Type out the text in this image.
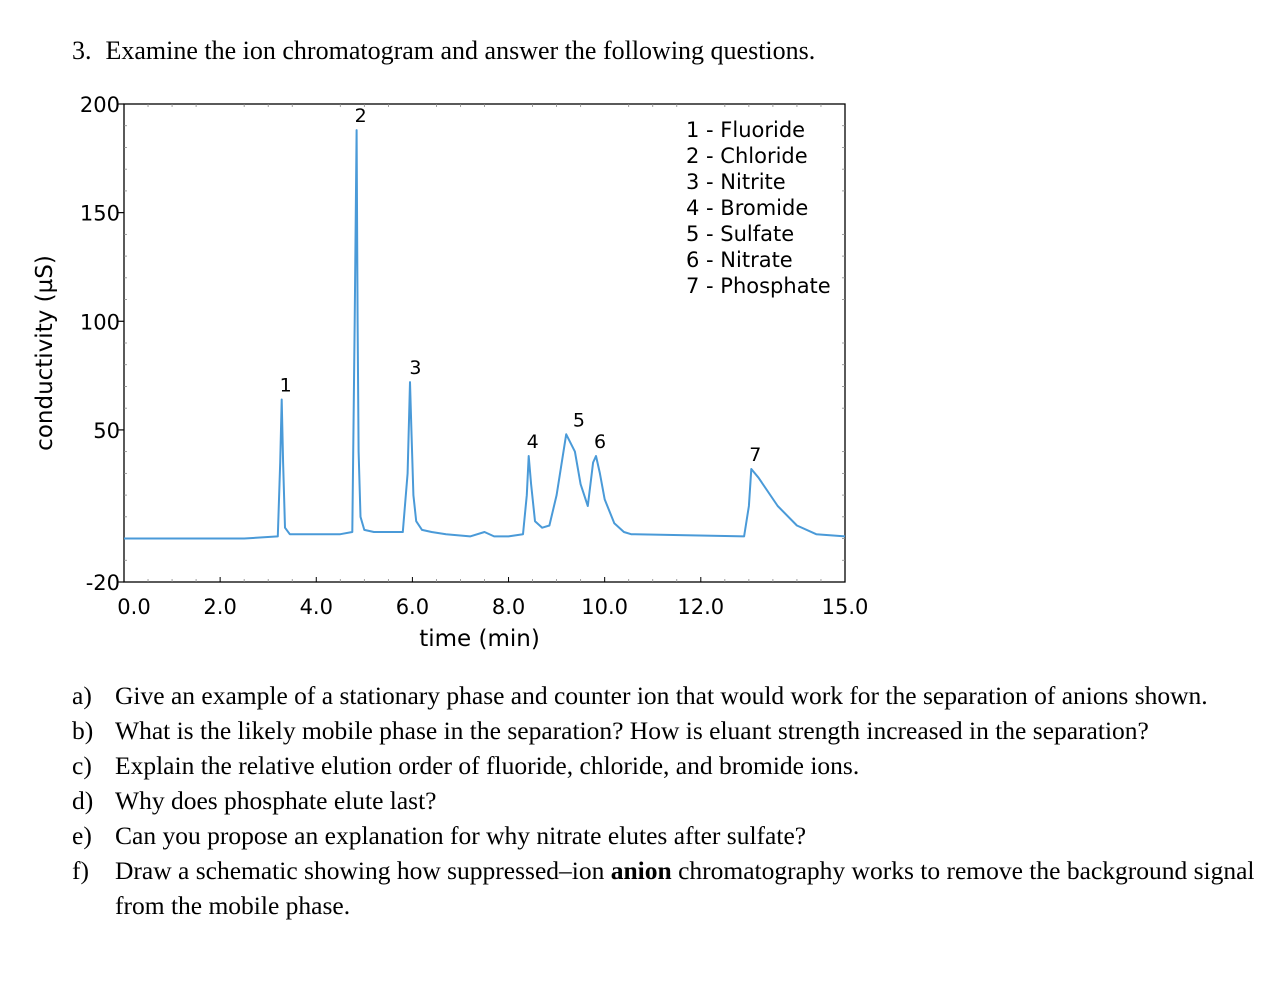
3. Examine the ion chromatogram and answer the following questions.
200
150
100
50
-20
0.0	2.0	4.0	6.0	8.0	10.0 12.0	15.0
time (min)
conductivity (µS)	1
2
3
4
5
6
7
1 - Fluoride
2 - Chloride
3 - Nitrite
4 - Bromide
5 - Sulfate
6 - Nitrate
7 - Phosphate
a) Give an example of a stationary phase and counter ion that would work for the separation of anions shown.
b) What is the likely mobile phase in the separation? How is eluant strength increased in the separation?
c) Explain the relative elution order of fluoride, chloride, and bromide ions.
d) Why does phosphate elute last?
e) Can you propose an explanation for why nitrate elutes after sulfate?
f)	Draw a schematic showing how suppressed–ion anion chromatography works to remove the background signal from the mobile phase.
